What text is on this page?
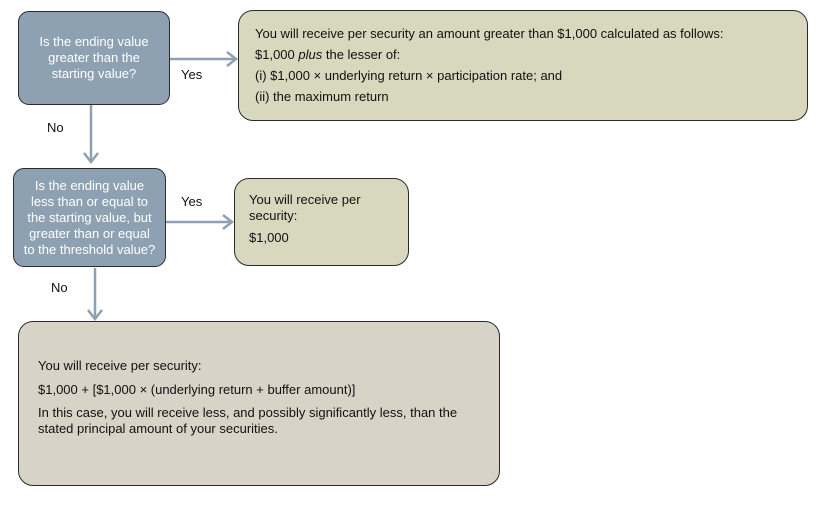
Is the ending value
greater than the
starting value?
Is the ending value
less than or equal to
the starting value, but
greater than or equal
to the threshold value?
Yes
No
Yes
No

You will receive per security an amount greater than $1,000 calculated as follows:

$1,000 plus the lesser of:

(i) $1,000 × underlying return × participation rate; and

(ii) the maximum return

You will receive per

security:

$1,000

You will receive per security:

$1,000 + [$1,000 × (underlying return + buffer amount)]

In this case, you will receive less, and possibly significantly less, than the stated principal amount of your securities.
